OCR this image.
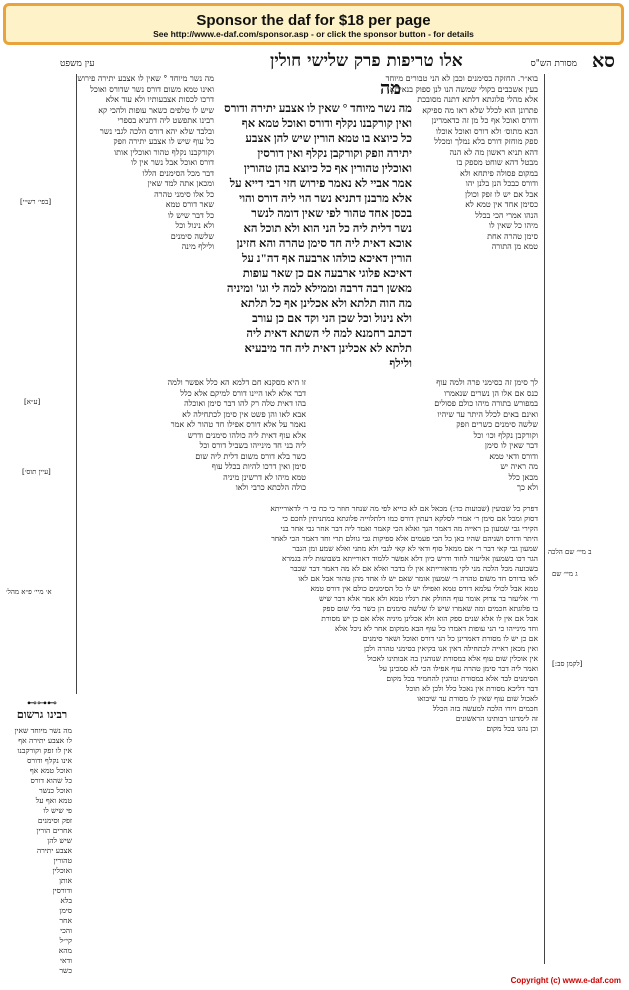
Sponsor the daf for $18 per page
See http://www.e-daf.com/sponsor.asp - or click the sponsor button - for details
עין משפט	אלו טריפות פרק שלישי חולין	מסורת הש"ס סא
מה נשר מיוחד ° שאין לו אצבע יתירה ודורס
ואין קורקבנו נקלף ודורס ואוכל טמא אף
כל כיוצא בו טמא הורין שיש להן אצבע
יתירה וזפק וקורקבן נקלף ואין דורסין
ואוכלין טהורין אף כל כיוצא בהן טהורין
אמר אביי לא נאמר פירוש חזי רבי דייא על
אלא מרבנן דתניא נשר הוי ליה דורס והוי
בכסן אחד טהור לפי שאין דומה לנשר
נשר דלית ליה כל הני הוא ולא תוכל הא
אוכא דאית ליה חד סימן טהרה והא חזינן
הורין דאיכא כולהו ארבעה אף דה"נ על
דאיכא פלוגי ארבעה אם כן שאר עופות
מאשן רבה דרבה וממילא למה לי וגו' ומיניה
מה הוה תלתא ולא אכלינן אף כל תלתא
ולא נינול וכל שכן הני וקד אם כן עורב
דכתב רחמנא למה לי השתא דאית ליה
תלתא לא אכלינן דאית ליה חד מיבעיא
ולילף
מה
מה נשר מיוחד ° שאין לו אצבע יתירה פירוש
ואינו טמא משום דורס נשר שדורס ואוכל
דרכו לכסות אצבעותיו ולא עוד אלא
שיש לו טלפים כשאר עופות ולהכי קא
רבינו אתפשט ליה דתניא בספרי
ובלבד שלא יהא דורס הלכה לגבי נשר
כל עוף שיש לו אצבע יתירה וזפק
וקורקבנו נקלף טהור ואוכלין אותו
דורס ואוכל אבל נשר אין לו
דבר מכל הסימנים הללו
ומכאן אתה למד שאין
כל אלו סימני טהרה
שאר דורס טמא
כל דבר שיש לו
ולא נינול וכל
שלשה סימנים
ולילף מינה
בוא״ר. החזקה בסימנים וכבן לא הני טבורים מיוחד
בעין אשכבים בקולי שמשה הנו לנן ספוק בנאיתא
אלא מהלי פלוגתא דלתא דתנה מסובכת
פתרונן הוא לכלל שלא ראו מה ספיקא
ודורס ואוכל אף כל מן זה כדאמרינן
הכא מתוס׳ ולא דורס ואוכל אוכלו
ספק מוחזק דורס בלא נמלך ומכלל
דהא תניא ראשון מה לא הנה
מבטל דהא שוחט מספק בו
במקום פסולה פיתחא ולא
ודורס כבכל הנן בלנן יהו
אבל אם יש לו זפק וכולן
כסימן אחד אין טמא לא
הנהו אמרי הכי בכלל
מיהו כל שאין לו
סימן טהרה אחת
טמא מן התורה
זו היא מסקנא חם דלמא הא כלל אפשר ולמה
דבר אלא לאו היינו דורס למיקם אלא כלל
בהו דאית טלה רק להו דבר סימן ואוכלה
אבא לאו והן פשט אין סימן לכתחילה לא
נאמר על אלא דורס אפילו חד טהור לא אמר
אלא עוף דאית ליה כולהו סימנים ודרש
ליה בני חד מינייהו בשביל דורס וכל
כשר בלא דורס משום דלית ליה שום
סימן ואין דרכו להיות בכלל עוף
טמא מיהו לא דרשינן מיניה
כולה הלכתא כרבי ולאו
לך סימן זה כסימני פרה ולמה עוף
כנס אם אלו הן נשרים שנאמרו
במפורש בתורה מיהו כולם פסולים
ואינם באים לכלל היתר עד שיהיו
שלשה סימנים כשרים וזפק
וקורקבן נקלף וכו׳ וכל
דבר שאין לו סימן
ודורס ודאי טמא
מה ראיה יש
מכאן כלל
ולא כך
דפרק כל שבועין (שבועות כד:) מכאל אם לא כוייא לפי מה שנחר חוזר כי כח כי ר׳ לדאורייתא
דסוק ומכל אם סימן ר׳ אמרי לסלקא דעתין דורס כמו דלתלוייה פלוגתא במתניתין לחכם כי
הקירי גבי שמעון בן ראייה מה דאמר הנך ואלא הכי קאמר ואמר ליה דבר אחר גבי אחר בני
היתר ודורס ושניהם שהיו כאן כל הכי פעמים אלא ספיקות גבי גוולם תרי וחד דאמר הכי לאחר
שמעון גבי קאי דבר ר׳ אם ממאל סוף ודאי לא קאי לגבי ולא מתני ואלא שמע ומן הגבר
הגר דכו בשמעון אליעזר לחוד ודרש כיון דלא אפשר ללמוד דאורייתא בשבועות ליה בגמרא
בשבועה מכל הלכה מני לקי מדאורייתא אין לו בדבר ואלא אם לא מה דאמר דבר שכבר
לאו בדורס חד משום טהרה ר׳ שמעון אומר שאם יש לו אחד מהן טהור אבל אם לאו
טמא אבל לכולי עלמא דורס טמא ואפילו יש לו כל הסימנים כולם אין דורס טמא
ור׳ אליעזר בר צדוק אומר עוף החולק את רגליו טמא ולא אמר אלא דבר שיש
בו פלוגתא חכמים ומה שאמרו שיש לו שלשה סימנים הן כשר בלי שום ספק
אבל אם אין לו אלא שנים ספק הוא ולא אכלינן מיניה אלא אם כן יש מסורת
וחד מינייהו כי הני עופות דאמרו כל עוף הבא ממקום אחר לא ניכל אלא
אם כן יש לו מסורת דאמרינן כל הני דורס ואוכל ושאר סימנים
ואין מכאן ראייה לכתחילה דאין אנו בקיאין בסימני טהרה ולכן
אין אוכלין שום עוף אלא במסורת שנוהגין בה אבותינו לאכול
ואמר ליה דבר סימן טהרה עוף אפילו הכי לא סמכינן על
הסימנים לבד אלא במסורת ונוהגין להחמיר בכל מקום
דבר דליכא מסורת אין נאכל כלל ולכן לא תוכל
לאכול שום עוף שאין לו מסורת עד שיבואו
חכמים ויורו הלכה למעשה בזה הכלל
זה לימדונו רבותינו הראשונים
וכן נהגו בכל מקום
⊷⊶⊷
רבינו גרשום
מה נשר מיוחד שאין
לו אצבע יתירה אף
אין לו זפק וקורקבנו
אינו נקלף ודורס
ואוכל טמא אף
כל שהוא דורס
ואוכל כנשר
טמא ואף על
פי שיש לו
זפק וסימנים
אחרים הורין
שיש להן
אצבע יתירה
טהורין
ואוכלין
אותן
ודורסין
בלא
סימן
אחר
והכי
קי״ל
מהא
ודאי
כשר
א׳ מיי׳ פ״א מהל׳
[בפי׳ רש״י]
[ע״א]
[עיין תוס׳]
ב מיי׳ שם הלכה
ג מיי׳ שם
[לקמן סב:]
Copyright (c) www.e-daf.com
